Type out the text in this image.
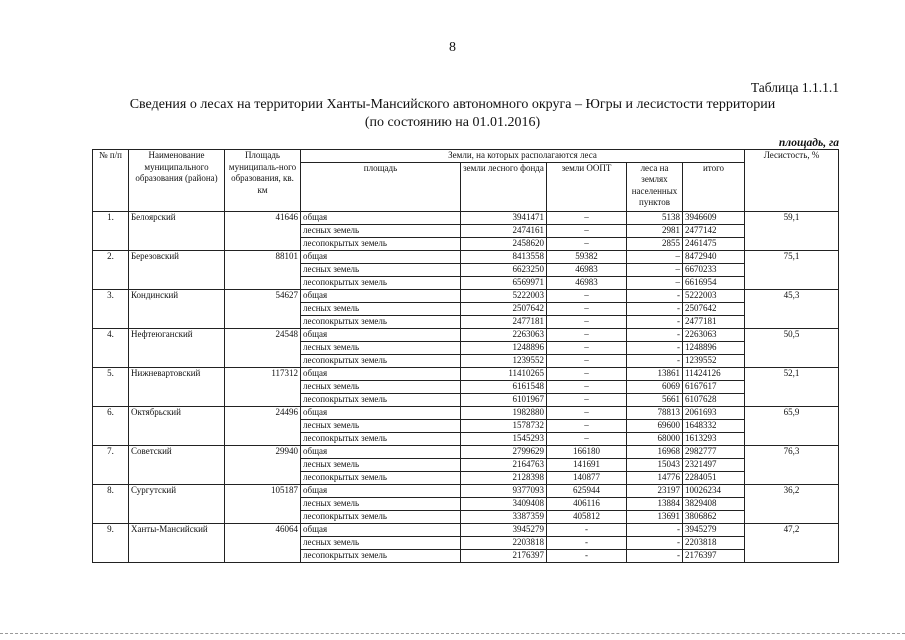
8
Таблица 1.1.1.1
Сведения о лесах на территории Ханты-Мансийского автономного округа – Югры и лесистости территории
(по состоянию на 01.01.2016)
площадь, га
№ п/п	Наименование муниципального образования (района)	Площадь муниципаль-ного образования, кв. км	Земли, на которых располагаются леса					Лесистость, %
			площадь	земли лесного фонда	земли ООПТ	леса на землях населенных пунктов	итого	
1.	Белоярский	41646	общая	3941471	–	5138	3946609	59,1
			лесных земель	2474161	–	2981	2477142	
			лесопокрытых земель	2458620	–	2855	2461475	
2.	Березовский	88101	общая	8413558	59382	–	8472940	75,1
			лесных земель	6623250	46983	–	6670233	
			лесопокрытых земель	6569971	46983	–	6616954	
3.	Кондинский	54627	общая	5222003	–	-	5222003	45,3
			лесных земель	2507642	–	-	2507642	
			лесопокрытых земель	2477181	–	-	2477181	
4.	Нефтеюганский	24548	общая	2263063	–	-	2263063	50,5
			лесных земель	1248896	–	-	1248896	
			лесопокрытых земель	1239552	–	-	1239552	
5.	Нижневартовский	117312	общая	11410265	–	13861	11424126	52,1
			лесных земель	6161548	–	6069	6167617	
			лесопокрытых земель	6101967	–	5661	6107628	
6.	Октябрьский	24496	общая	1982880	–	78813	2061693	65,9
			лесных земель	1578732	–	69600	1648332	
			лесопокрытых земель	1545293	–	68000	1613293	
7.	Советский	29940	общая	2799629	166180	16968	2982777	76,3
			лесных земель	2164763	141691	15043	2321497	
			лесопокрытых земель	2128398	140877	14776	2284051	
8.	Сургутский	105187	общая	9377093	625944	23197	10026234	36,2
			лесных земель	3409408	406116	13884	3829408	
			лесопокрытых земель	3387359	405812	13691	3806862	
9.	Ханты-Мансийский	46064	общая	3945279	-	-	3945279	47,2
			лесных земель	2203818	-	-	2203818	
			лесопокрытых земель	2176397	-	-	2176397	
